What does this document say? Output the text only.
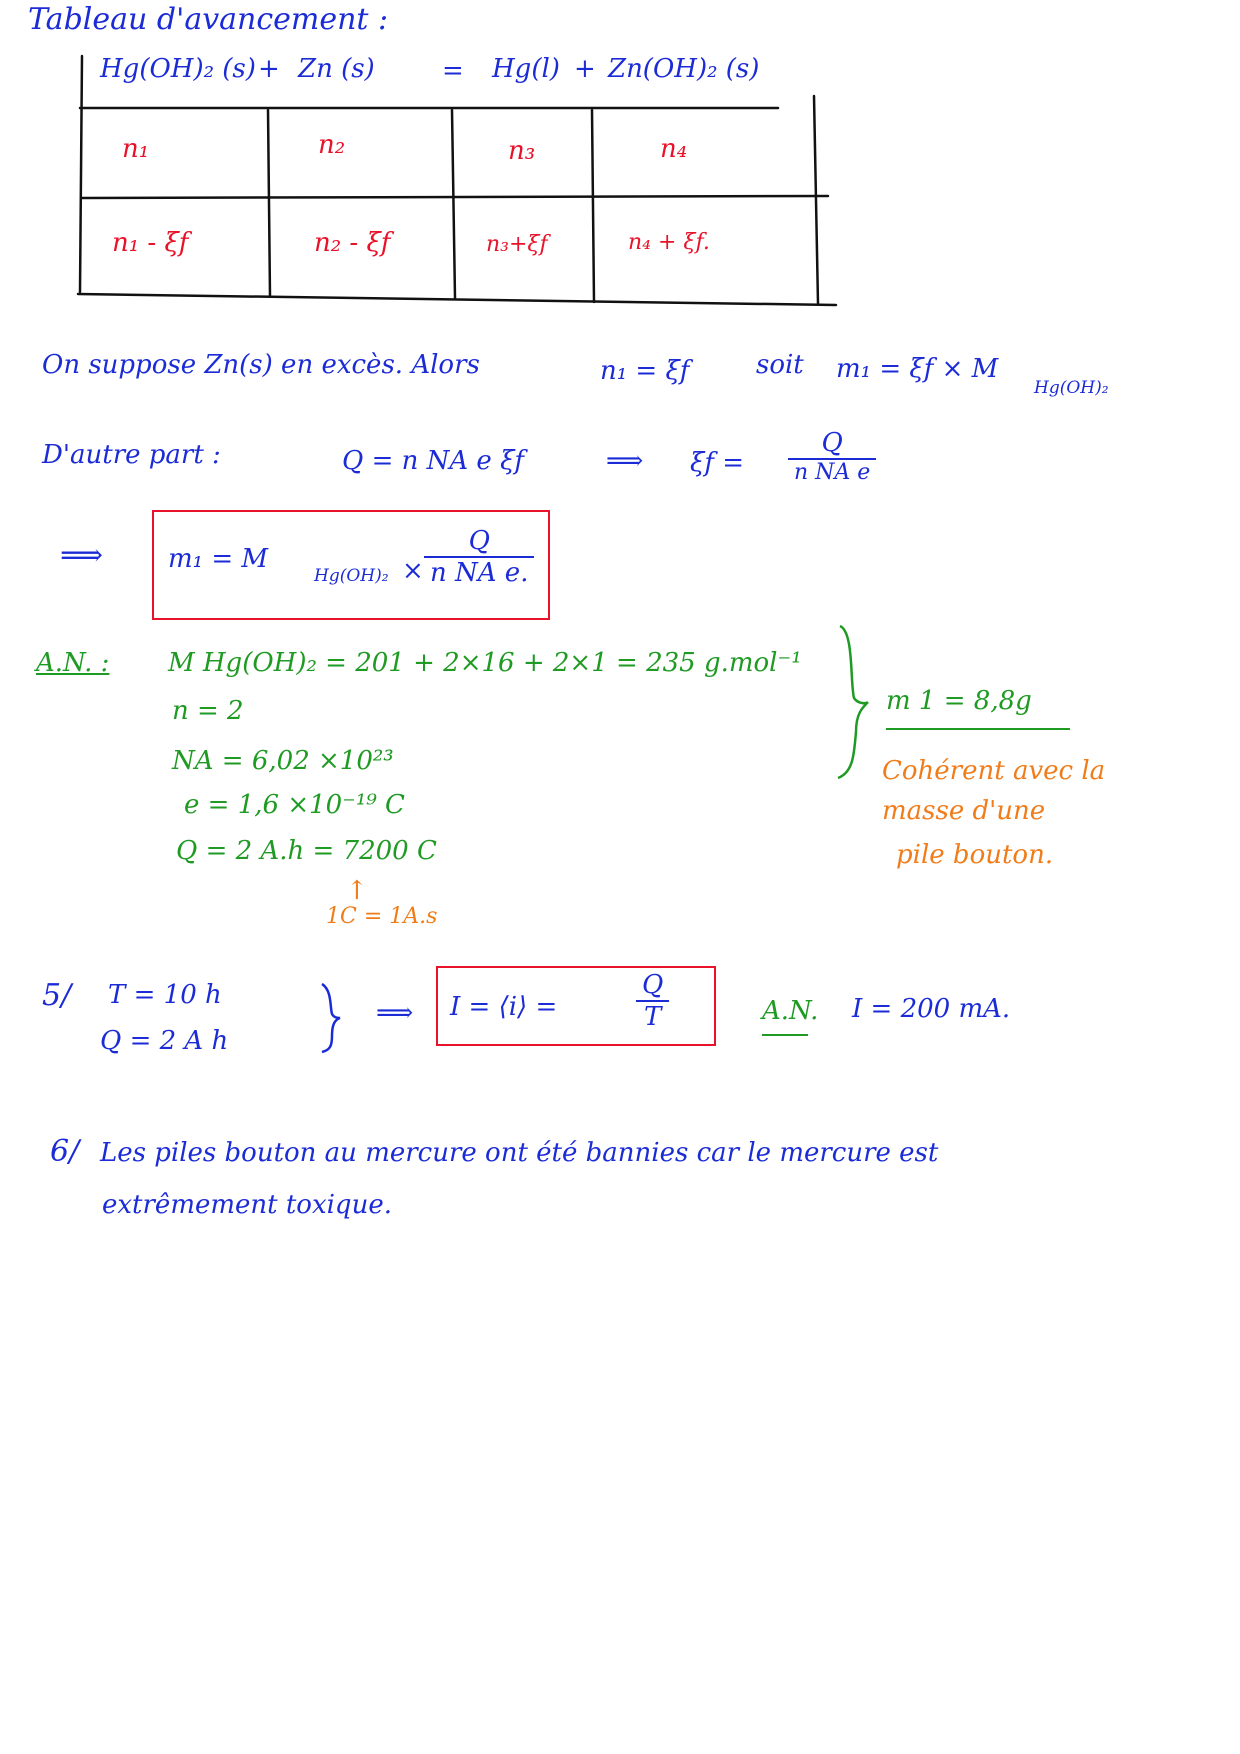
Tableau d'avancement :
Hg(OH)₂ (s) + Zn (s)	= Hg(l) + Zn(OH)₂ (s)
n₁	n₂	n₃	n₄
n₁ - ξf	n₂ - ξf	n₃+ξf	n₄ + ξf.
On suppose Zn(s) en excès. Alors	n₁ = ξf	soit m₁ = ξf × M
Hg(OH)₂
D'autre part :	Q = n NA e ξf	⟹ ξf =
Q
n NA e
⟹ m₁ = M
Hg(OH)₂ ×
Q
n NA e.
A.N. : M Hg(OH)₂ = 201 + 2×16 + 2×1 = 235 g.mol⁻¹
n = 2
NA = 6,02 ×10²³
e = 1,6 ×10⁻¹⁹ C
Q = 2 A.h = 7200 C
↑
1C = 1A.s
m 1 = 8,8g
Cohérent avec la
masse d'une
pile bouton.
5/ T = 10 h
Q = 2 A h
⟹ I = ⟨i⟩ =
Q
T	A.N. I = 200 mA.
6/ Les piles bouton au mercure ont été bannies car le mercure est
extrêmement toxique.
